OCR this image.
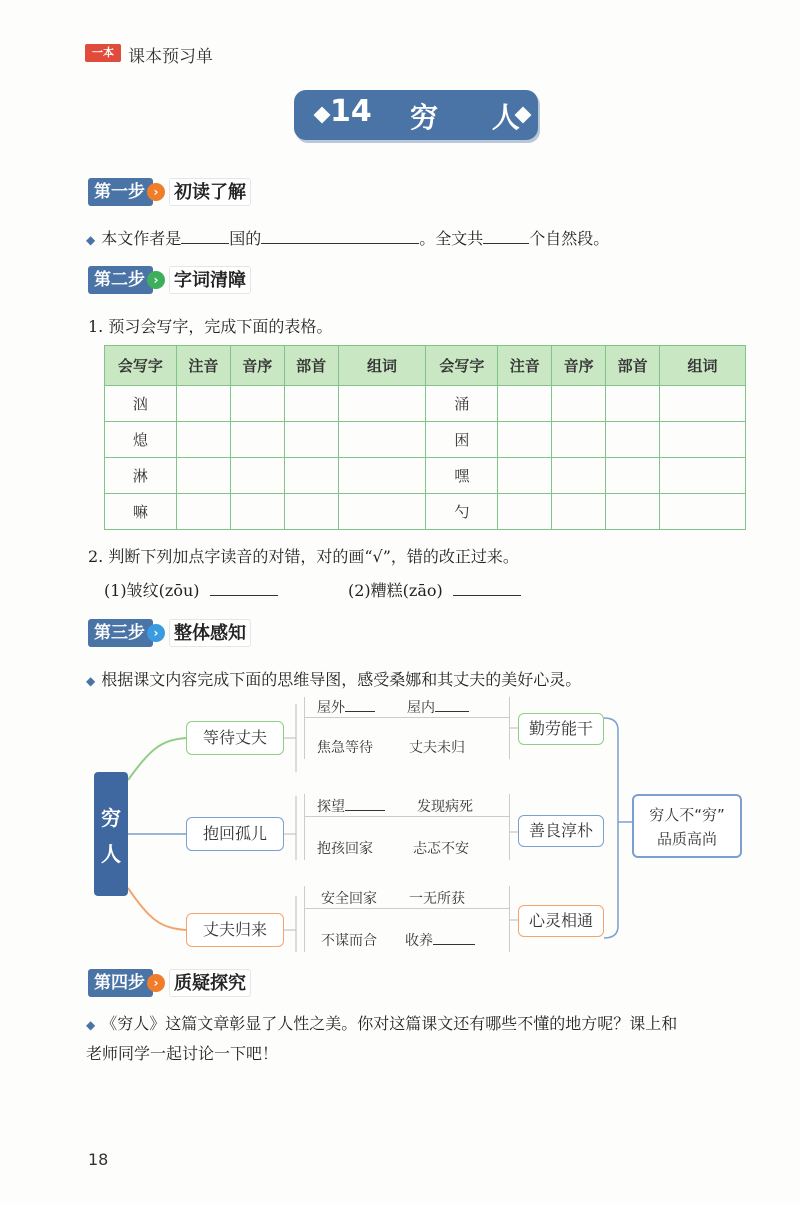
一本 课本预习单
14 穷 人
第一步 › 初读了解
◆ 本文作者是	国的	。全文共	个自然段。
第二步 › 字词清障
1. 预习会写字，完成下面的表格。
会写字	注音	音序	部首	组词	会写字	注音	音序	部首	组词
汹					涌				
熄					困				
淋					嘿				
嘛					勺				
2. 判断下列加点字读音的对错，对的画“√”，错的改正过来。
(1)皱纹(zōu)	(2)糟糕(zāo)
第三步 › 整体感知
◆ 根据课文内容完成下面的思维导图，感受桑娜和其丈夫的美好心灵。
穷人
等待丈夫
屋外	屋内
焦急等待	丈夫未归
勤劳能干
抱回孤儿
探望	发现病死
抱孩回家	忐忑不安
善良淳朴
丈夫归来
安全回家 一无所获
不谋而合 收养
心灵相通
穷人不“穷”
品质高尚
第四步 › 质疑探究
◆ 《穷人》这篇文章彰显了人性之美。你对这篇课文还有哪些不懂的地方呢？课上和
老师同学一起讨论一下吧！
18
